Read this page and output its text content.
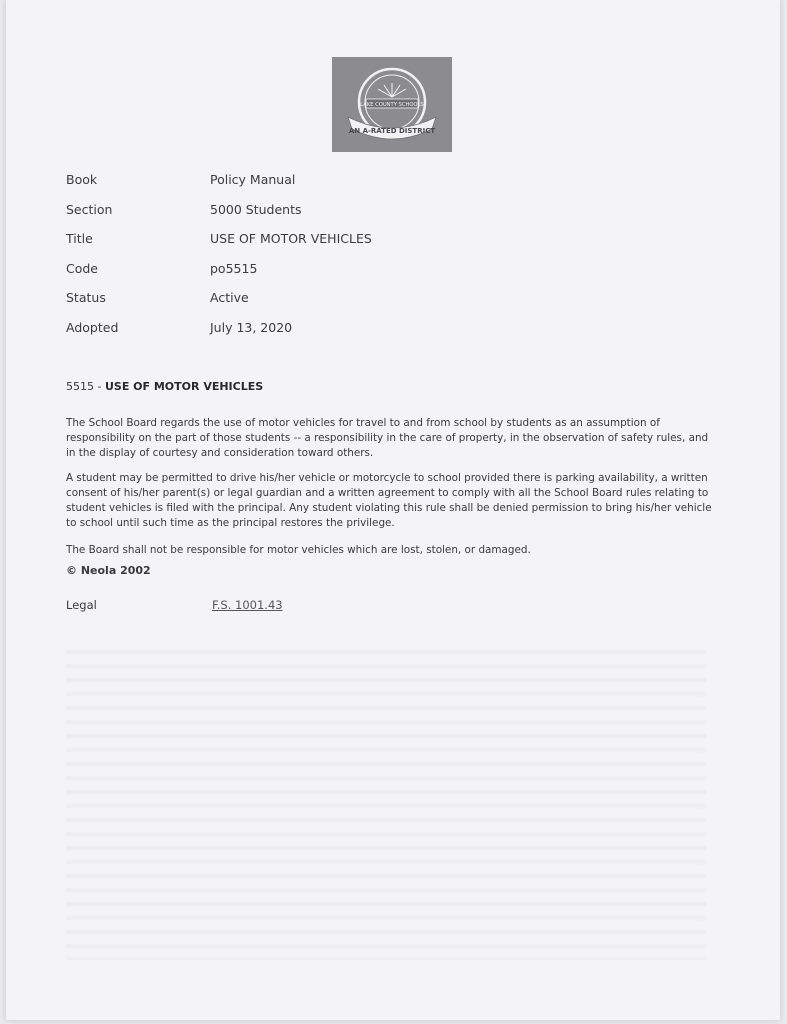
LAKE COUNTY SCHOOLS
AN A-RATED DISTRICT
Book	Policy Manual
Section	5000 Students
Title	USE OF MOTOR VEHICLES
Code	po5515
Status	Active
Adopted	July 13, 2020
5515 - USE OF MOTOR VEHICLES

The School Board regards the use of motor vehicles for travel to and from school by students as an assumption of responsibility on the part of those students -- a responsibility in the care of property, in the observation of safety rules, and in the display of courtesy and consideration toward others.

A student may be permitted to drive his/her vehicle or motorcycle to school provided there is parking availability, a written consent of his/her parent(s) or legal guardian and a written agreement to comply with all the School Board rules relating to student vehicles is filed with the principal. Any student violating this rule shall be denied permission to bring his/her vehicle to school until such time as the principal restores the privilege.

The Board shall not be responsible for motor vehicles which are lost, stolen, or damaged.

© Neola 2002
Legal	F.S. 1001.43
